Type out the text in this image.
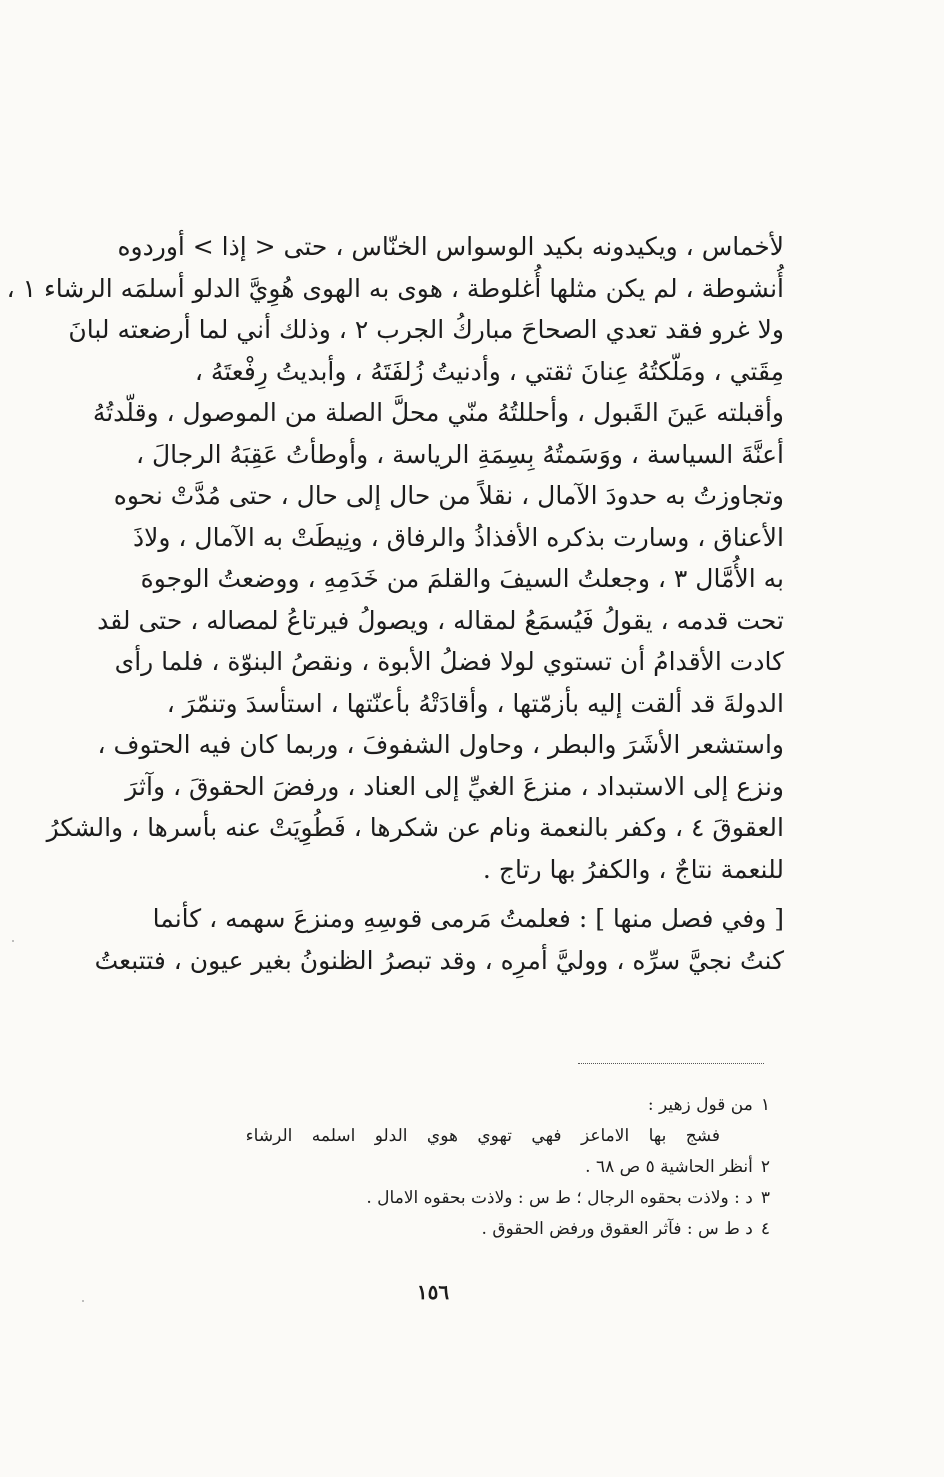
لأخماس ، ويكيدونه بكيد الوسواس الخنّاس ، حتى < إذا > أوردوه
أُنشوطة ، لم يكن مثلها أُغلوطة ، هوى به الهوى هُوِيَّ الدلو أسلمَه الرشاء ١ ،
ولا غرو فقد تعدي الصحاحَ مباركُ الجرب ٢ ، وذلك أني لما أرضعته لبانَ
مِقَتي ، ومَلّكتُهُ عِنانَ ثقتي ، وأدنيتُ زُلفَتَهُ ، وأبديتُ رِفْعتَهُ ،
وأقبلته عَينَ القَبول ، وأحللتُهُ منّي محلَّ الصلة من الموصول ، وقلّدتُهُ
أعنَّةَ السياسة ، ووَسَمتُهُ بِسِمَةِ الرياسة ، وأوطأتُ عَقِبَهُ الرجالَ ،
وتجاوزتُ به حدودَ الآمال ، نقلاً من حال إلى حال ، حتى مُدَّتْ نحوه
الأعناق ، وسارت بذكره الأفذاذُ والرفاق ، ونِيطَتْ به الآمال ، ولاذَ
به الأُمَّال ٣ ، وجعلتُ السيفَ والقلمَ من خَدَمِهِ ، ووضعتُ الوجوهَ
تحت قدمه ، يقولُ فَيُسمَعُ لمقاله ، ويصولُ فيرتاعُ لمصاله ، حتى لقد
كادت الأقدامُ أن تستوي لولا فضلُ الأبوة ، ونقصُ البنوّة ، فلما رأى
الدولةَ قد ألقت إليه بأزمّتها ، وأقادَتْهُ بأعنّتها ، استأسدَ وتنمّرَ ،
واستشعر الأشَرَ والبطر ، وحاول الشفوفَ ، وربما كان فيه الحتوف ،
ونزع إلى الاستبداد ، منزعَ الغيِّ إلى العناد ، ورفضَ الحقوقَ ، وآثرَ
العقوقَ ٤ ، وكفر بالنعمة ونام عن شكرها ، فَطُوِيَتْ عنه بأسرها ، والشكرُ
للنعمة نتاجٌ ، والكفرُ بها رتاج .
[ وفي فصل منها ] : فعلمتُ مَرمى قوسِهِ ومنزعَ سهمه ، كأنما
كنتُ نجيَّ سرِّه ، ووليَّ أمرِه ، وقد تبصرُ الظنونُ بغير عيون ، فتتبعتُ
١من قول زهير :
فشج بها الاماعز فهي تهوي هوي الدلو اسلمه الرشاء
٢أنظر الحاشية ٥ ص ٦٨ .
٣د : ولاذت بحقوه الرجال ؛ ط س : ولاذت بحقوه الامال .
٤د ط س : فآثر العقوق ورفض الحقوق .
١٥٦
